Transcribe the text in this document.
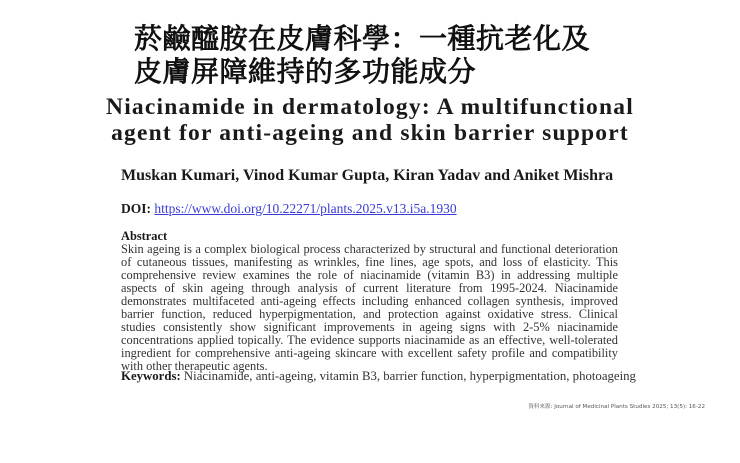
菸鹼醯胺在皮膚科學：一種抗老化及
皮膚屏障維持的多功能成分
Niacinamide in dermatology: A multifunctional
agent for anti-ageing and skin barrier support
Muskan Kumari, Vinod Kumar Gupta, Kiran Yadav and Aniket Mishra
DOI: https://www.doi.org/10.22271/plants.2025.v13.i5a.1930
Abstract
Skin ageing is a complex biological process characterized by structural and functional deterioration of cutaneous tissues, manifesting as wrinkles, fine lines, age spots, and loss of elasticity. This comprehensive review examines the role of niacinamide (vitamin B3) in addressing multiple aspects of skin ageing through analysis of current literature from 1995-2024. Niacinamide demonstrates multifaceted anti-ageing effects including enhanced collagen synthesis, improved barrier function, reduced hyperpigmentation, and protection against oxidative stress. Clinical studies consistently show significant improvements in ageing signs with 2-5% niacinamide concentrations applied topically. The evidence supports niacinamide as an effective, well-tolerated ingredient for comprehensive anti-ageing skincare with excellent safety profile and compatibility with other therapeutic agents.
Keywords: Niacinamide, anti-ageing, vitamin B3, barrier function, hyperpigmentation, photoageing
資料來源: Journal of Medicinal Plants Studies 2025; 13(5): 16-22
